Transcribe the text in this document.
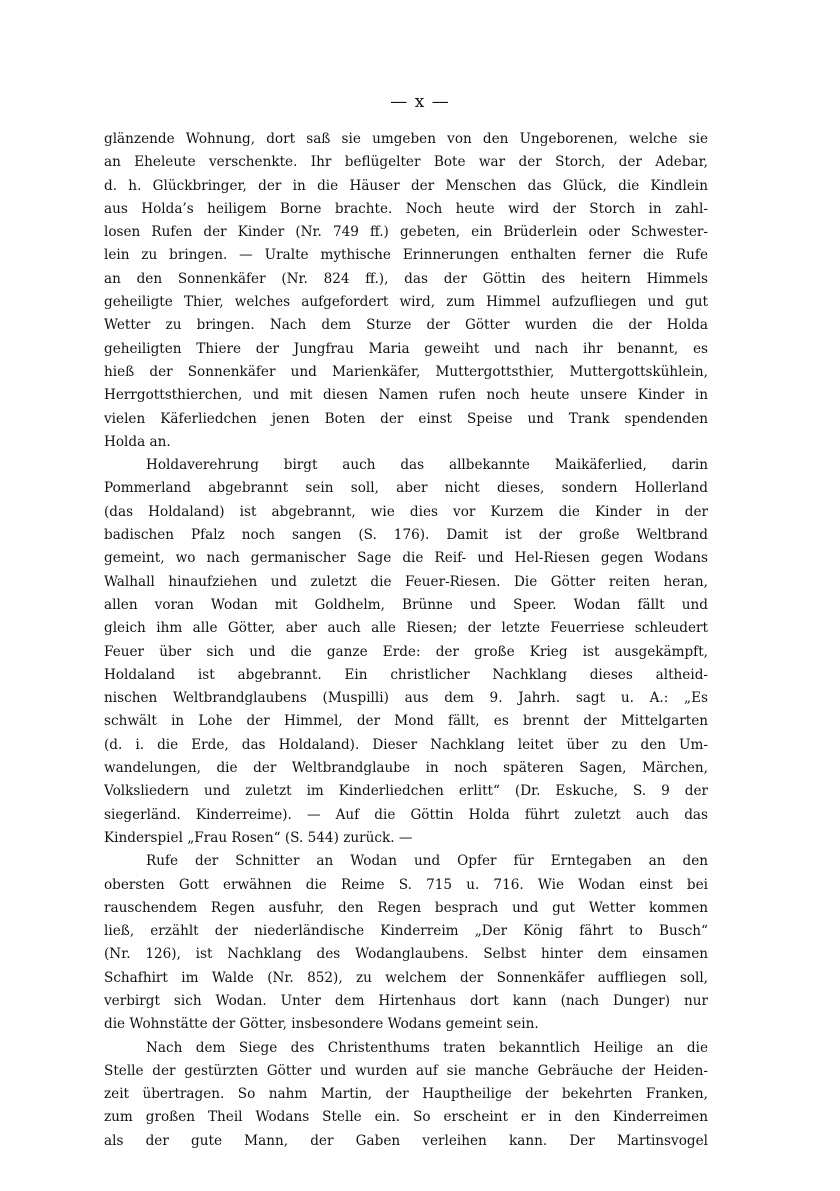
— x —
glänzende Wohnung, dort saß sie umgeben von den Ungeborenen, welche sie
an Eheleute verschenkte. Ihr beflügelter Bote war der Storch, der Adebar,
d. h. Glückbringer, der in die Häuser der Menschen das Glück, die Kindlein
aus Holda’s heiligem Borne brachte. Noch heute wird der Storch in zahl-
losen Rufen der Kinder (Nr. 749 ff.) gebeten, ein Brüderlein oder Schwester-
lein zu bringen. — Uralte mythische Erinnerungen enthalten ferner die Rufe
an den Sonnenkäfer (Nr. 824 ff.), das der Göttin des heitern Himmels
geheiligte Thier, welches aufgefordert wird, zum Himmel aufzufliegen und gut
Wetter zu bringen. Nach dem Sturze der Götter wurden die der Holda
geheiligten Thiere der Jungfrau Maria geweiht und nach ihr benannt, es
hieß der Sonnenkäfer und Marienkäfer, Muttergottsthier, Muttergottskühlein,
Herrgottsthierchen, und mit diesen Namen rufen noch heute unsere Kinder in
vielen Käferliedchen jenen Boten der einst Speise und Trank spendenden
Holda an.
Holdaverehrung birgt auch das allbekannte Maikäferlied, darin
Pommerland abgebrannt sein soll, aber nicht dieses, sondern Hollerland
(das Holdaland) ist abgebrannt, wie dies vor Kurzem die Kinder in der
badischen Pfalz noch sangen (S. 176). Damit ist der große Weltbrand
gemeint, wo nach germanischer Sage die Reif- und Hel-Riesen gegen Wodans
Walhall hinaufziehen und zuletzt die Feuer-Riesen. Die Götter reiten heran,
allen voran Wodan mit Goldhelm, Brünne und Speer. Wodan fällt und
gleich ihm alle Götter, aber auch alle Riesen; der letzte Feuerriese schleudert
Feuer über sich und die ganze Erde: der große Krieg ist ausgekämpft,
Holdaland ist abgebrannt. Ein christlicher Nachklang dieses altheid-
nischen Weltbrandglaubens (Muspilli) aus dem 9. Jahrh. sagt u. A.: „Es
schwält in Lohe der Himmel, der Mond fällt, es brennt der Mittelgarten
(d. i. die Erde, das Holdaland). Dieser Nachklang leitet über zu den Um-
wandelungen, die der Weltbrandglaube in noch späteren Sagen, Märchen,
Volksliedern und zuletzt im Kinderliedchen erlitt“ (Dr. Eskuche, S. 9 der
siegerländ. Kinderreime). — Auf die Göttin Holda führt zuletzt auch das
Kinderspiel „Frau Rosen“ (S. 544) zurück. —
Rufe der Schnitter an Wodan und Opfer für Erntegaben an den
obersten Gott erwähnen die Reime S. 715 u. 716. Wie Wodan einst bei
rauschendem Regen ausfuhr, den Regen besprach und gut Wetter kommen
ließ, erzählt der niederländische Kinderreim „Der König fährt to Busch“
(Nr. 126), ist Nachklang des Wodanglaubens. Selbst hinter dem einsamen
Schafhirt im Walde (Nr. 852), zu welchem der Sonnenkäfer auffliegen soll,
verbirgt sich Wodan. Unter dem Hirtenhaus dort kann (nach Dunger) nur
die Wohnstätte der Götter, insbesondere Wodans gemeint sein.
Nach dem Siege des Christenthums traten bekanntlich Heilige an die
Stelle der gestürzten Götter und wurden auf sie manche Gebräuche der Heiden-
zeit übertragen. So nahm Martin, der Hauptheilige der bekehrten Franken,
zum großen Theil Wodans Stelle ein. So erscheint er in den Kinderreimen
als der gute Mann, der Gaben verleihen kann. Der Martinsvogel
